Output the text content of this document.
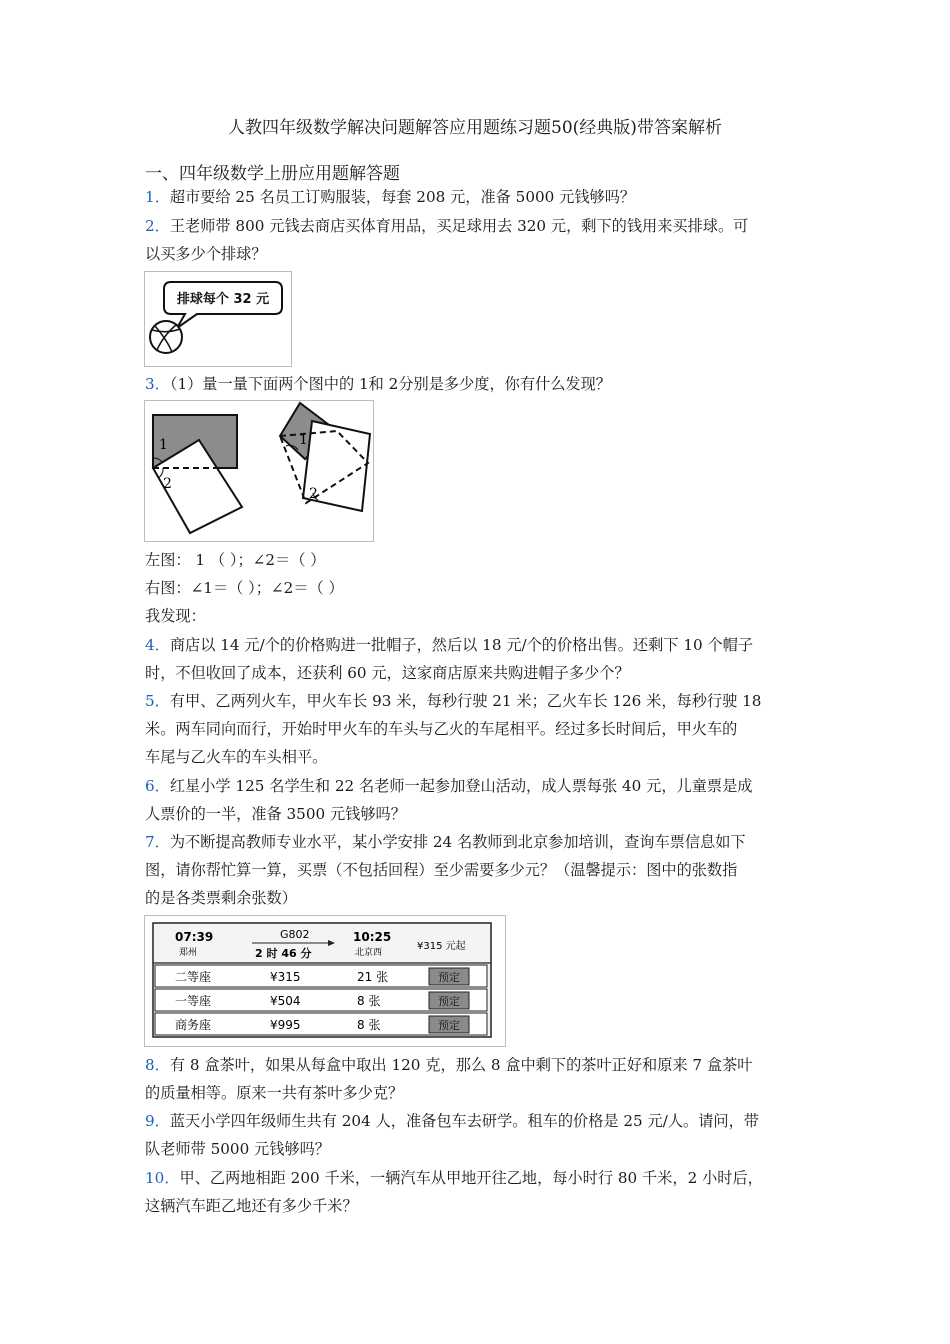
人教四年级数学解决问题解答应用题练习题50(经典版)带答案解析
一、四年级数学上册应用题解答题
1．超市要给 25 名员工订购服装，每套 208 元，准备 5000 元钱够吗？
2．王老师带 800 元钱去商店买体育用品，买足球用去 320 元，剩下的钱用来买排球。可
以买多少个排球？
排球每个 32 元
3．（1）量一量下面两个图中的 1和 2分别是多少度，你有什么发现？
1
2
1
2
左图： 1 （ ）；∠2＝（ ）
右图：∠1＝（ ）；∠2＝（ ）
我发现：
4．商店以 14 元/个的价格购进一批帽子，然后以 18 元/个的价格出售。还剩下 10 个帽子
时，不但收回了成本，还获利 60 元，这家商店原来共购进帽子多少个？
5．有甲、乙两列火车，甲火车长 93 米，每秒行驶 21 米；乙火车长 126 米，每秒行驶 18
米。两车同向而行，开始时甲火车的车头与乙火的车尾相平。经过多长时间后，甲火车的
车尾与乙火车的车头相平。
6．红星小学 125 名学生和 22 名老师一起参加登山活动，成人票每张 40 元，儿童票是成
人票价的一半，准备 3500 元钱够吗？
7．为不断提高教师专业水平，某小学安排 24 名教师到北京参加培训，查询车票信息如下
图，请你帮忙算一算，买票（不包括回程）至少需要多少元？（温馨提示：图中的张数指
的是各类票剩余张数）
07:39
郑州
G802
2 时 46 分
10:25
北京西
¥315 元起
二等座	¥315	21 张	预定
一等座	¥504	8 张	预定
商务座	¥995	8 张	预定
8．有 8 盒茶叶，如果从每盒中取出 120 克，那么 8 盒中剩下的茶叶正好和原来 7 盒茶叶
的质量相等。原来一共有茶叶多少克？
9．蓝天小学四年级师生共有 204 人，准备包车去研学。租车的价格是 25 元/人。请问，带
队老师带 5000 元钱够吗？
10．甲、乙两地相距 200 千米，一辆汽车从甲地开往乙地，每小时行 80 千米，2 小时后，
这辆汽车距乙地还有多少千米？
